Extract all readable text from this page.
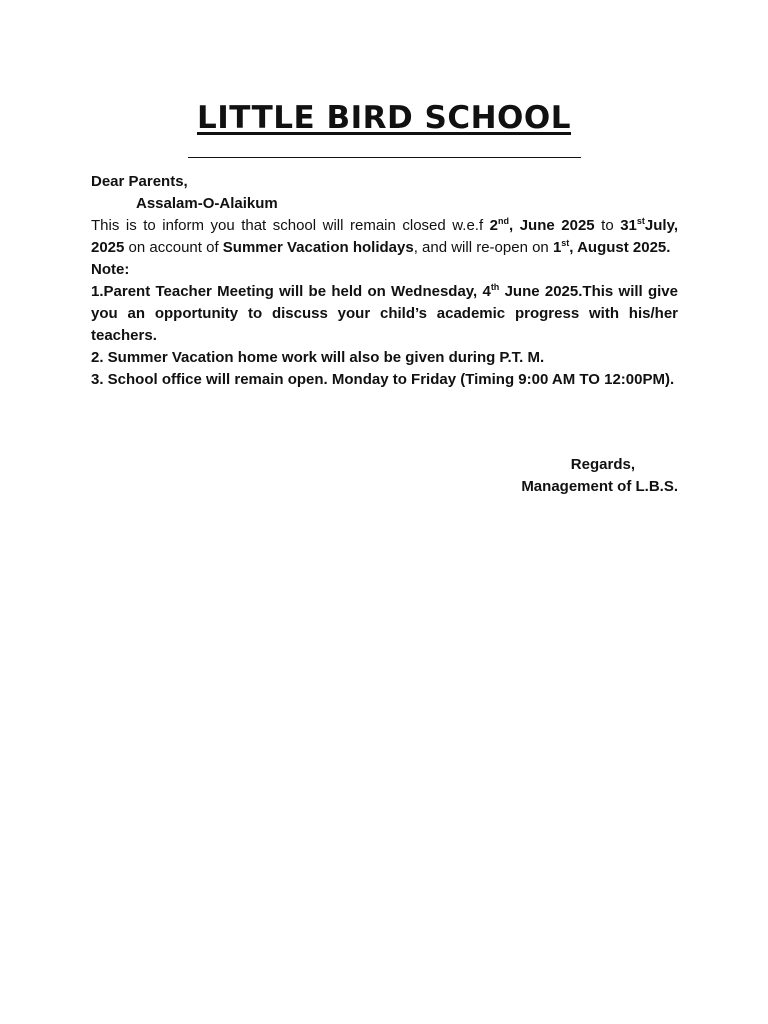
LITTLE BIRD SCHOOL

Dear Parents,

Assalam-O-Alaikum

This is to inform you that school will remain closed w.e.f 2nd, June 2025 to 31stJuly, 2025 on account of Summer Vacation holidays, and will re-open on 1st, August 2025.

Note:

1.Parent Teacher Meeting will be held on Wednesday, 4th June 2025.This will give you an opportunity to discuss your child’s academic progress with his/her teachers.

2. Summer Vacation home work will also be given during P.T. M.

3. School office will remain open. Monday to Friday (Timing 9:00 AM TO 12:00PM).

Regards,
Management of L.B.S.
